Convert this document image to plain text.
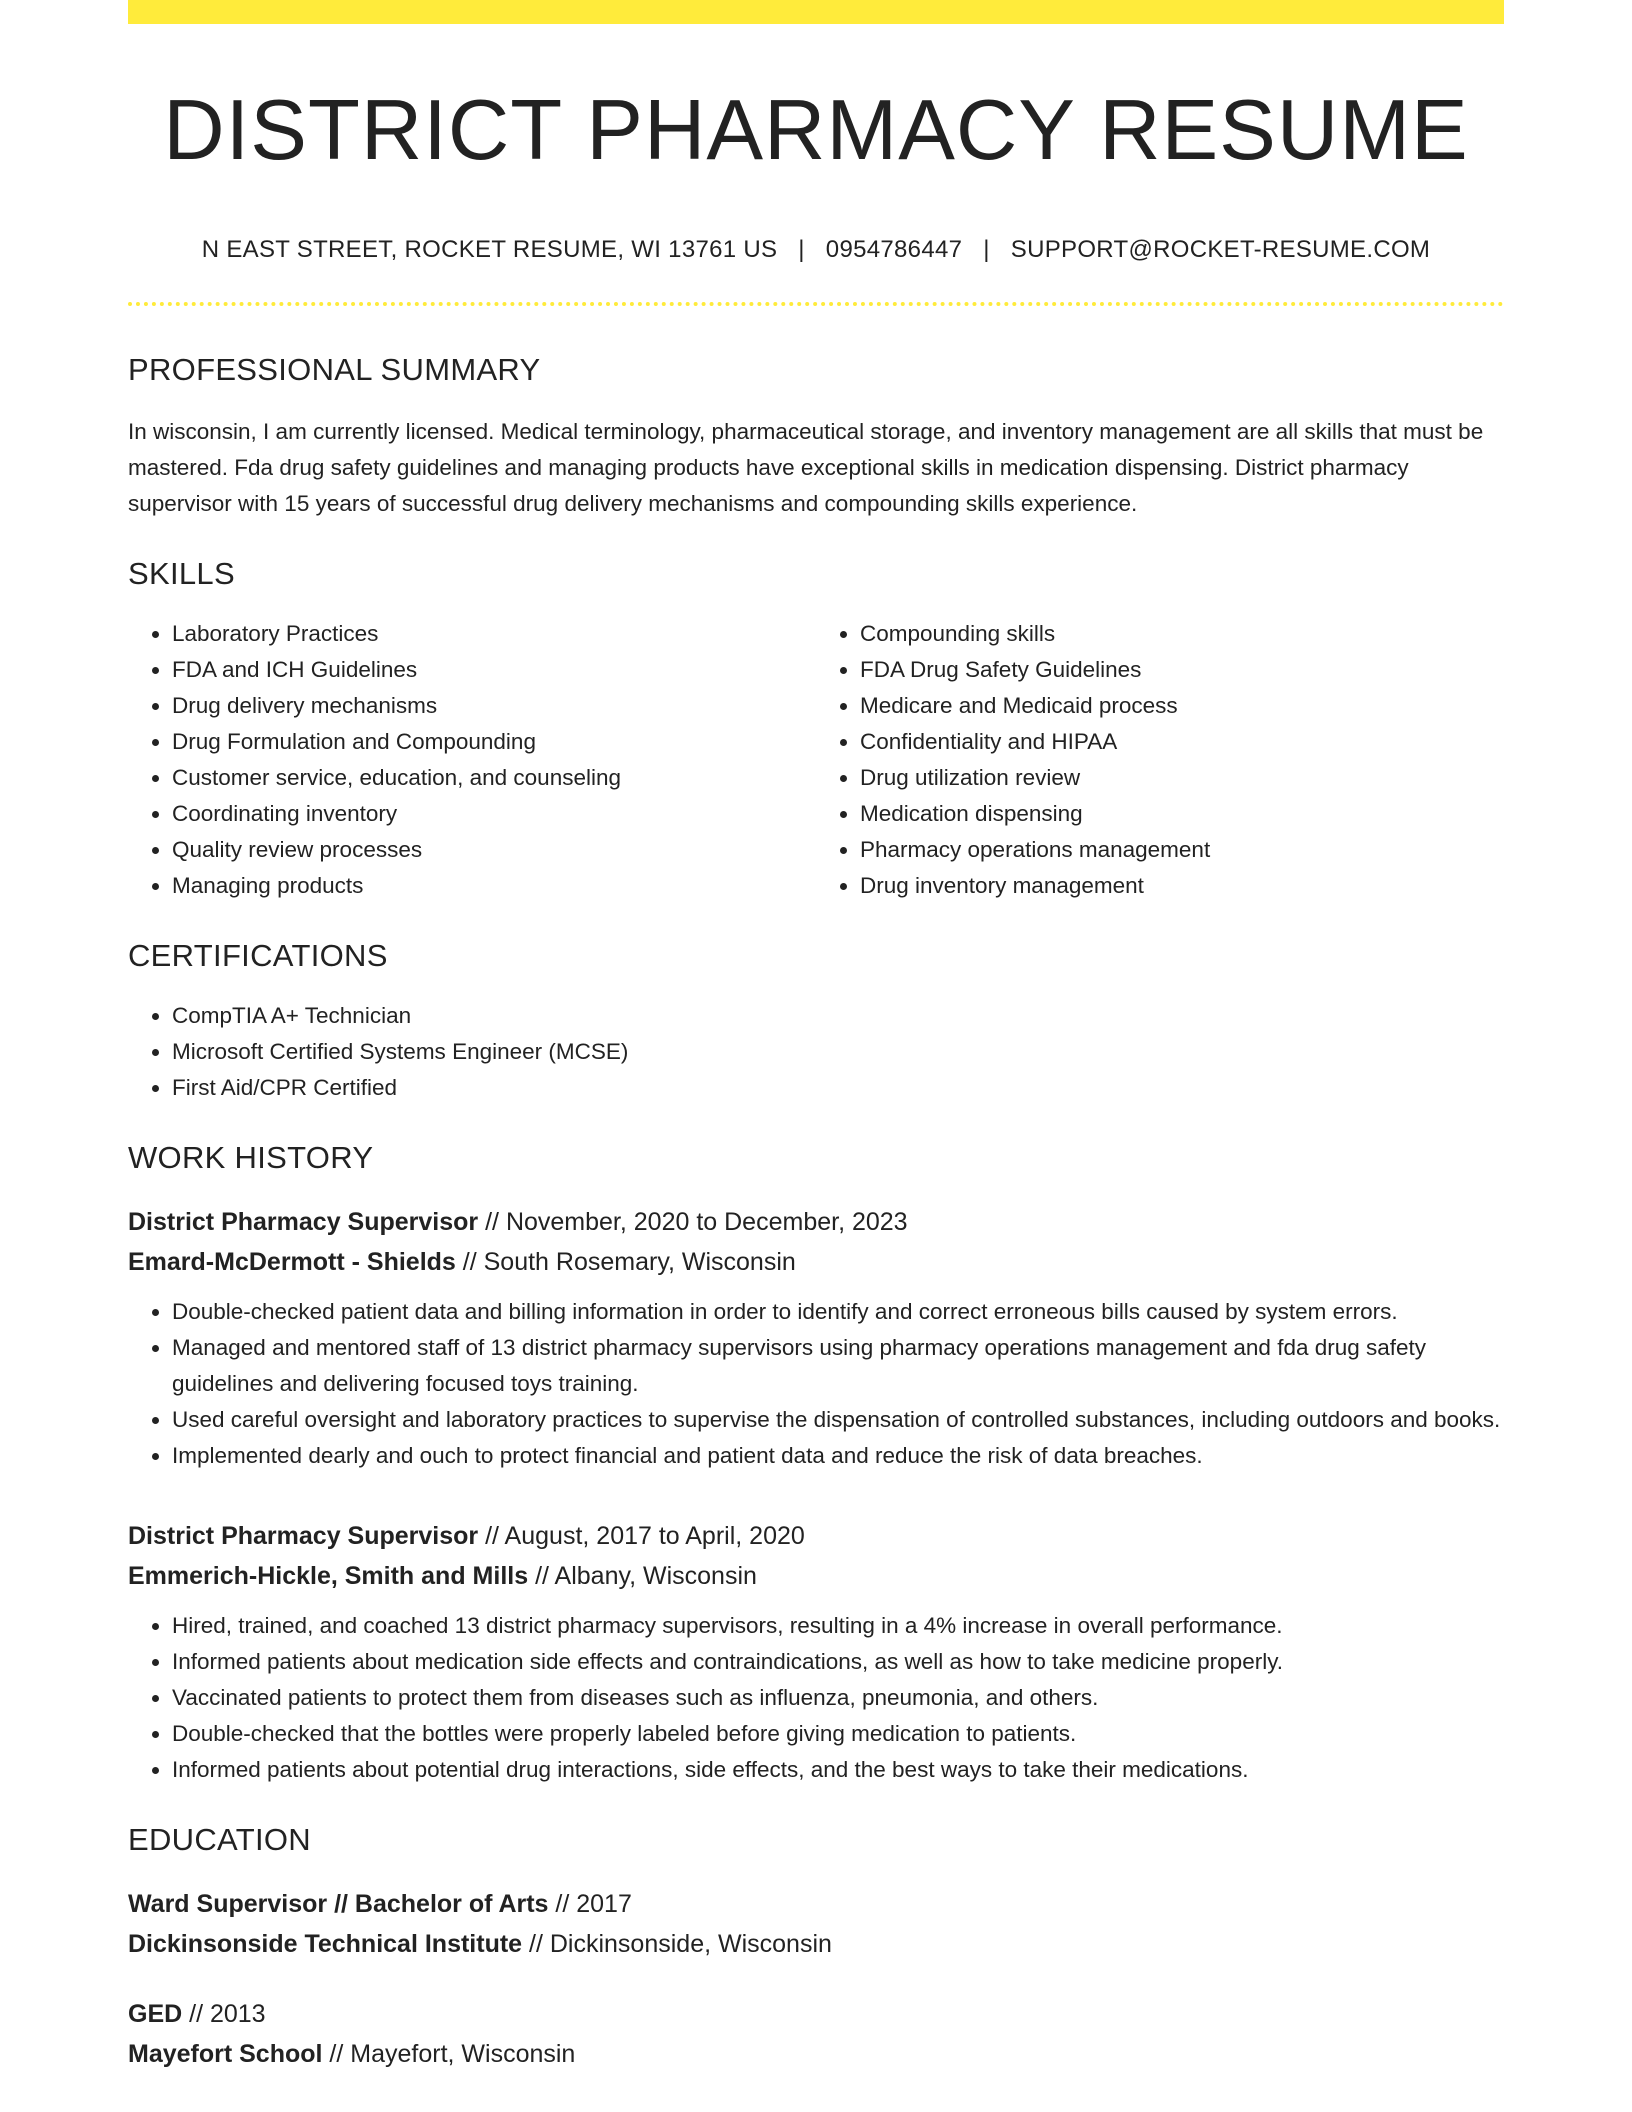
DISTRICT PHARMACY RESUME
N EAST STREET, ROCKET RESUME, WI 13761 US | 0954786447 | SUPPORT@ROCKET-RESUME.COM
PROFESSIONAL SUMMARY

In wisconsin, I am currently licensed. Medical terminology, pharmaceutical storage, and inventory management are all skills that must be mastered. Fda drug safety guidelines and managing products have exceptional skills in medication dispensing. District pharmacy supervisor with 15 years of successful drug delivery mechanisms and compounding skills experience.

SKILLS
• Laboratory Practices
• FDA and ICH Guidelines
• Drug delivery mechanisms
• Drug Formulation and Compounding
• Customer service, education, and counseling
• Coordinating inventory
• Quality review processes
• Managing products
• Compounding skills
• FDA Drug Safety Guidelines
• Medicare and Medicaid process
• Confidentiality and HIPAA
• Drug utilization review
• Medication dispensing
• Pharmacy operations management
• Drug inventory management
CERTIFICATIONS
• CompTIA A+ Technician
• Microsoft Certified Systems Engineer (MCSE)
• First Aid/CPR Certified
WORK HISTORY
District Pharmacy Supervisor // November, 2020 to December, 2023
Emard-McDermott - Shields // South Rosemary, Wisconsin
• Double-checked patient data and billing information in order to identify and correct erroneous bills caused by system errors.
• Managed and mentored staff of 13 district pharmacy supervisors using pharmacy operations management and fda drug safety guidelines and delivering focused toys training.
• Used careful oversight and laboratory practices to supervise the dispensation of controlled substances, including outdoors and books.
• Implemented dearly and ouch to protect financial and patient data and reduce the risk of data breaches.
District Pharmacy Supervisor // August, 2017 to April, 2020
Emmerich-Hickle, Smith and Mills // Albany, Wisconsin
• Hired, trained, and coached 13 district pharmacy supervisors, resulting in a 4% increase in overall performance.
• Informed patients about medication side effects and contraindications, as well as how to take medicine properly.
• Vaccinated patients to protect them from diseases such as influenza, pneumonia, and others.
• Double-checked that the bottles were properly labeled before giving medication to patients.
• Informed patients about potential drug interactions, side effects, and the best ways to take their medications.
EDUCATION
Ward Supervisor // Bachelor of Arts // 2017
Dickinsonside Technical Institute // Dickinsonside, Wisconsin
GED // 2013
Mayefort School // Mayefort, Wisconsin
